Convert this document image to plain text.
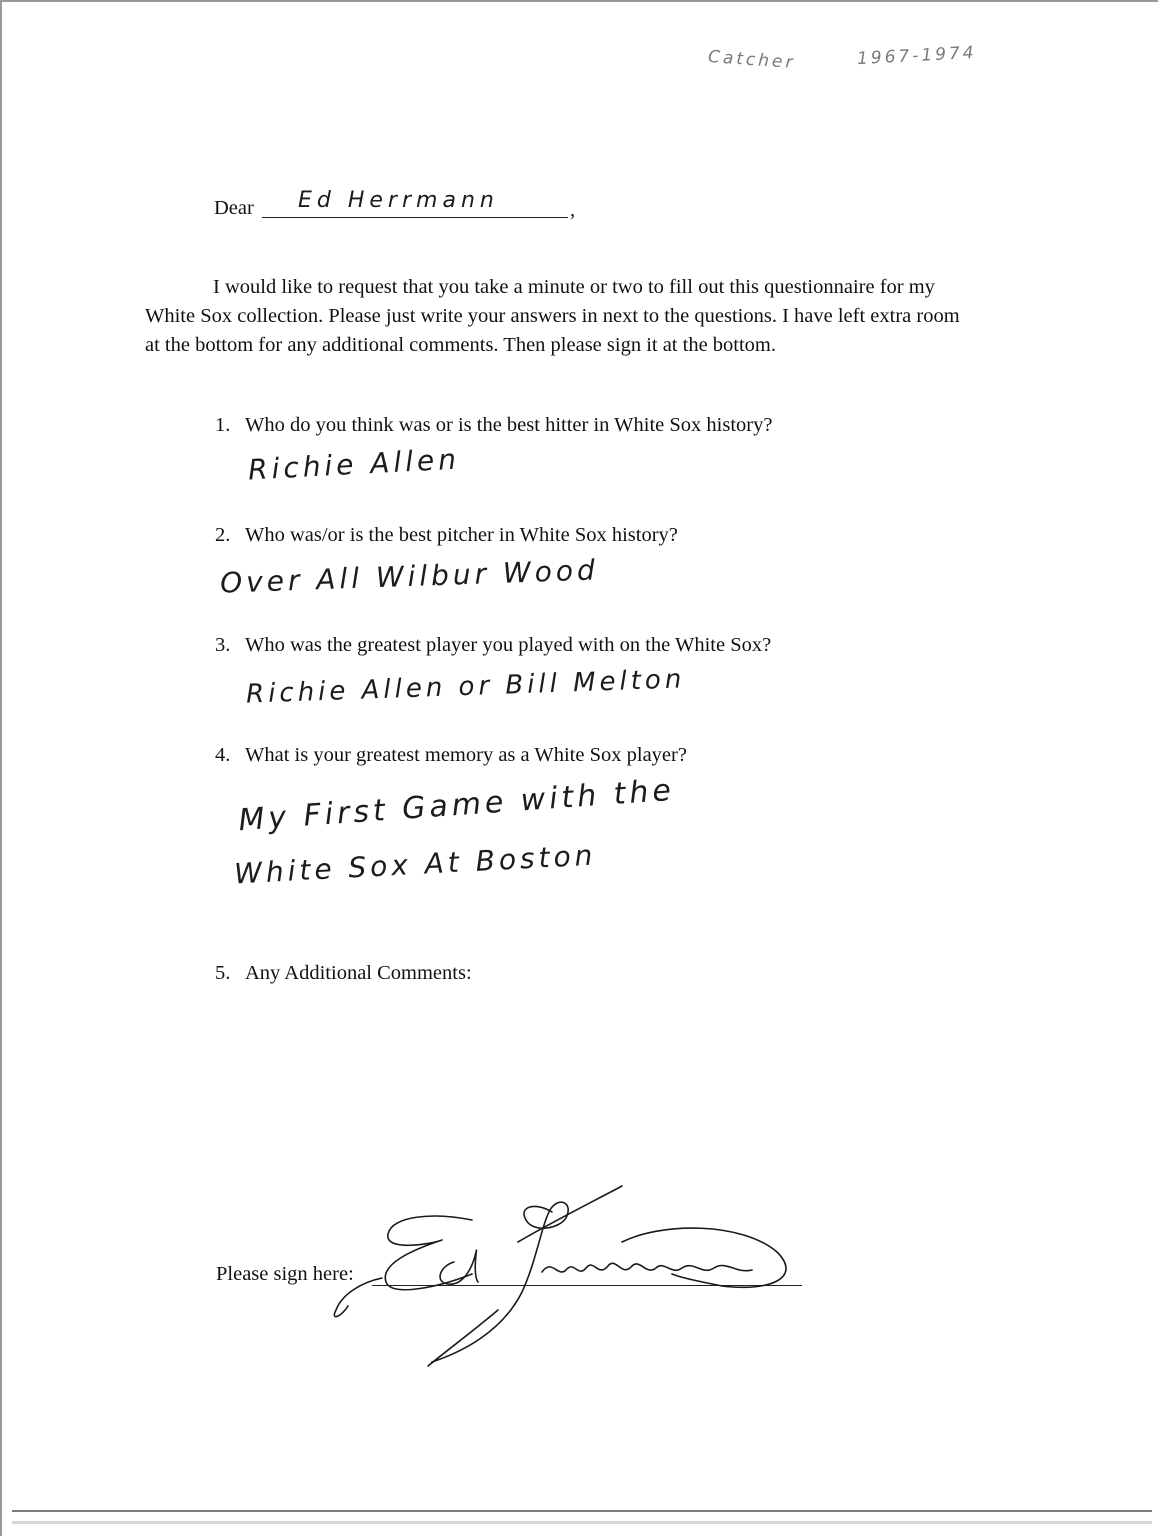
Catcher	1967-1974
Dear	,
Ed Herrmann
I would like to request that you take a minute or two to fill out this questionnaire for my White Sox collection. Please just write your answers in next to the questions. I have left extra room at the bottom for any additional comments. Then please sign it at the bottom.
1. Who do you think was or is the best hitter in White Sox history?
Richie Allen
2. Who was/or is the best pitcher in White Sox history?
Over All Wilbur Wood
3. Who was the greatest player you played with on the White Sox?
Richie Allen or Bill Melton
4. What is your greatest memory as a White Sox player?
My First Game with the
White Sox At Boston
5. Any Additional Comments:
Please sign here:
